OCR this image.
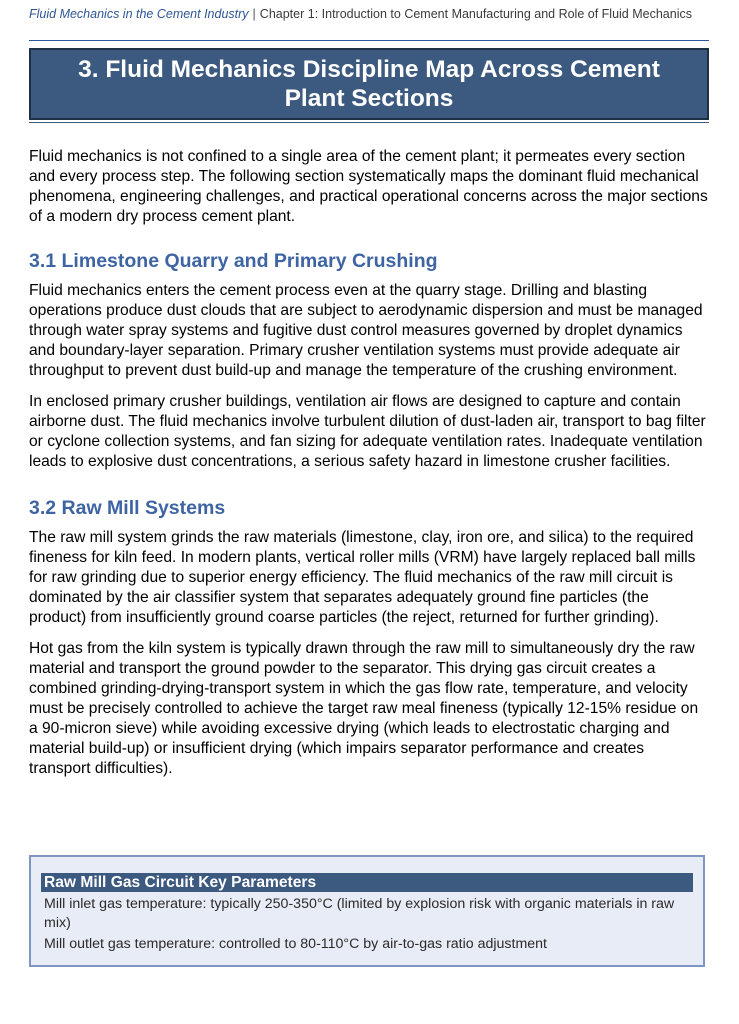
Fluid Mechanics in the Cement Industry | Chapter 1: Introduction to Cement Manufacturing and Role of Fluid Mechanics
3. Fluid Mechanics Discipline Map Across Cement Plant Sections

Fluid mechanics is not confined to a single area of the cement plant; it permeates every section and every process step. The following section systematically maps the dominant fluid mechanical phenomena, engineering challenges, and practical operational concerns across the major sections of a modern dry process cement plant.

3.1 Limestone Quarry and Primary Crushing

Fluid mechanics enters the cement process even at the quarry stage. Drilling and blasting operations produce dust clouds that are subject to aerodynamic dispersion and must be managed through water spray systems and fugitive dust control measures governed by droplet dynamics and boundary-layer separation. Primary crusher ventilation systems must provide adequate air throughput to prevent dust build-up and manage the temperature of the crushing environment.

In enclosed primary crusher buildings, ventilation air flows are designed to capture and contain airborne dust. The fluid mechanics involve turbulent dilution of dust-laden air, transport to bag filter or cyclone collection systems, and fan sizing for adequate ventilation rates. Inadequate ventilation leads to explosive dust concentrations, a serious safety hazard in limestone crusher facilities.

3.2 Raw Mill Systems

The raw mill system grinds the raw materials (limestone, clay, iron ore, and silica) to the required fineness for kiln feed. In modern plants, vertical roller mills (VRM) have largely replaced ball mills for raw grinding due to superior energy efficiency. The fluid mechanics of the raw mill circuit is dominated by the air classifier system that separates adequately ground fine particles (the product) from insufficiently ground coarse particles (the reject, returned for further grinding).

Hot gas from the kiln system is typically drawn through the raw mill to simultaneously dry the raw material and transport the ground powder to the separator. This drying gas circuit creates a combined grinding-drying-transport system in which the gas flow rate, temperature, and velocity must be precisely controlled to achieve the target raw meal fineness (typically 12-15% residue on a 90-micron sieve) while avoiding excessive drying (which leads to electrostatic charging and material build-up) or insufficient drying (which impairs separator performance and creates transport difficulties).

Raw Mill Gas Circuit Key Parameters
Mill inlet gas temperature: typically 250-350°C (limited by explosion risk with organic materials in raw mix)
Mill outlet gas temperature: controlled to 80-110°C by air-to-gas ratio adjustment
